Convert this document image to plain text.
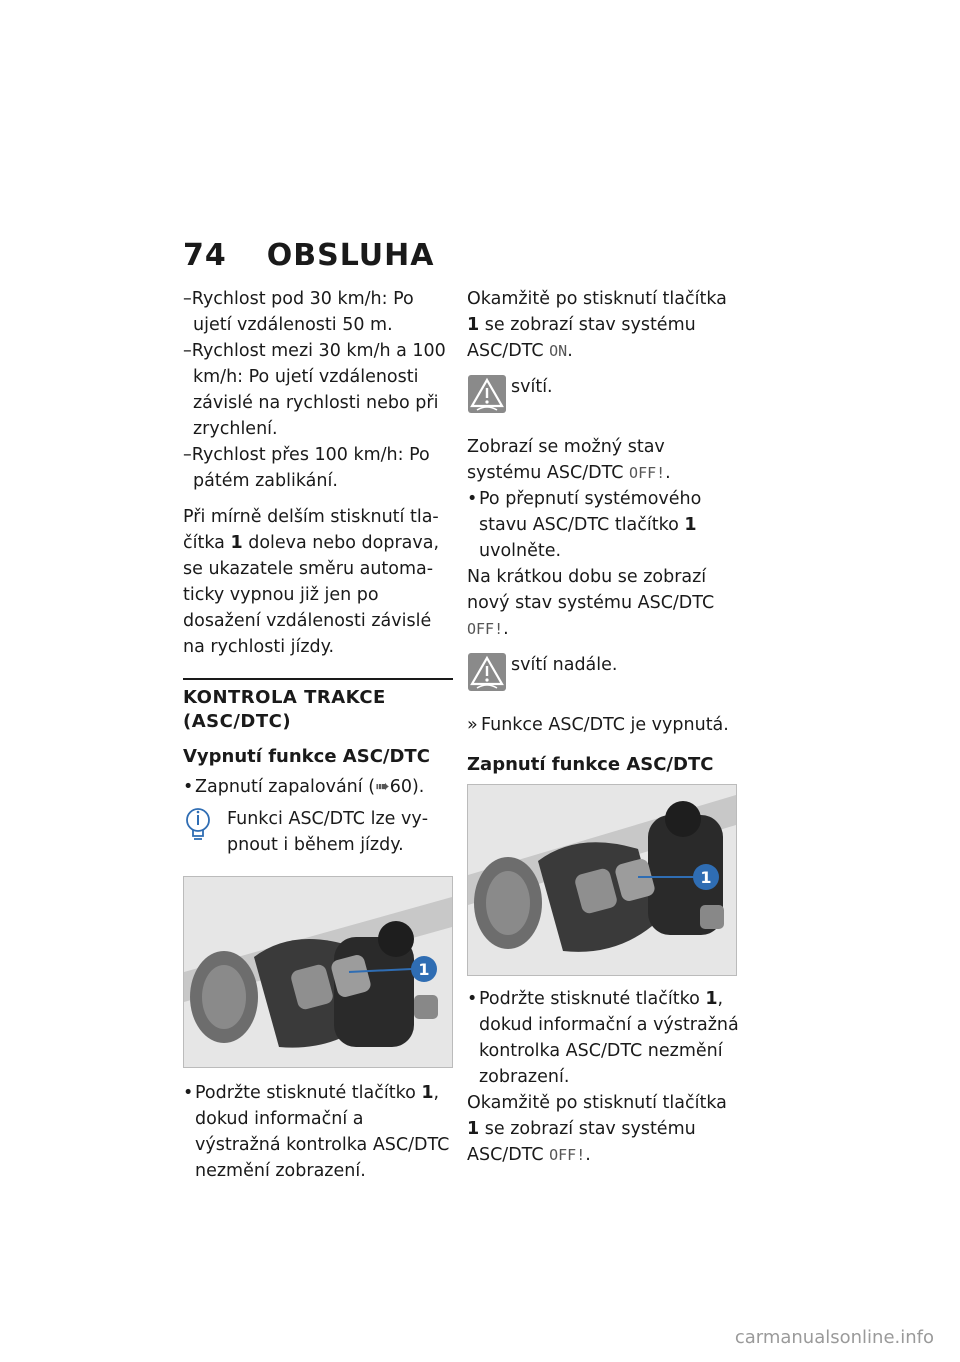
74 OBSLUHA

–Rychlost pod 30 km/h: Po ujetí vzdálenosti 50 m.

–Rychlost mezi 30 km/h a 100 km/h: Po ujetí vzdálenosti závislé na rychlosti nebo při zrychlení.

–Rychlost přes 100 km/h: Po pátém zablikání.

Při mírně delším stisknutí tlačítka 1 doleva nebo doprava, se ukazatele směru automaticky vypnou již jen po dosažení vzdálenosti závislé na rychlosti jízdy.

KONTROLA TRAKCE (ASC/DTC)

Vypnutí funkce ASC/DTC

• Zapnutí zapalování (➠60).

Funkci ASC/DTC lze vypnout i během jízdy.
1

• Podržte stisknuté tlačítko 1, dokud informační a výstražná kontrolka ASC/DTC nezmění zobrazení.

Okamžitě po stisknutí tlačítka 1 se zobrazí stav systému ASC/DTC ON.

svítí.

Zobrazí se možný stav systému ASC/DTC OFF!.

• Po přepnutí systémového stavu ASC/DTC tlačítko 1 uvolněte.

Na krátkou dobu se zobrazí nový stav systému ASC/DTC OFF!.

svítí nadále.

» Funkce ASC/DTC je vypnutá.

Zapnutí funkce ASC/DTC

1

• Podržte stisknuté tlačítko 1, dokud informační a výstražná kontrolka ASC/DTC nezmění zobrazení.

Okamžitě po stisknutí tlačítka 1 se zobrazí stav systému ASC/DTC OFF!.

carmanualsonline.info
